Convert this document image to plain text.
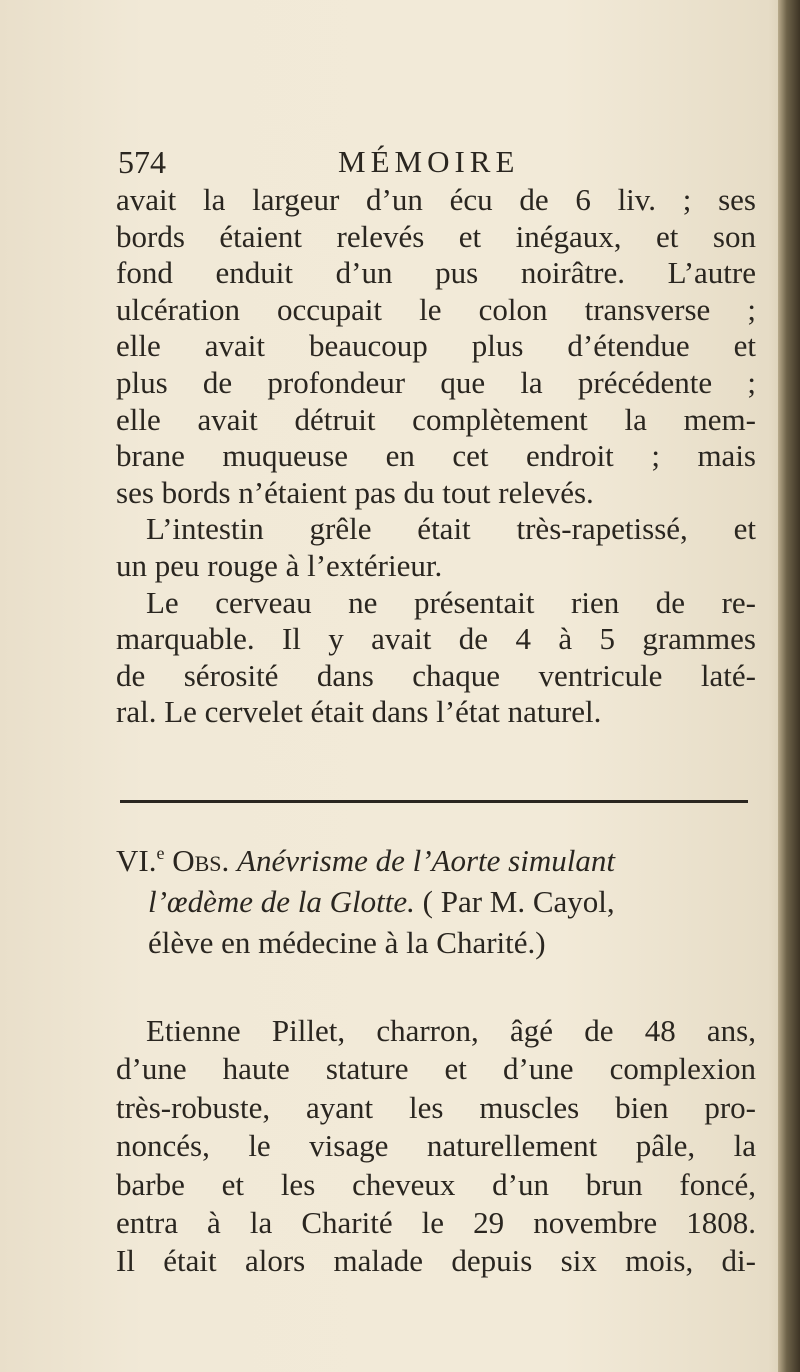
574	MÉMOIRE
avait la largeur d’un écu de 6 liv. ; ses
bords étaient relevés et inégaux, et son
fond enduit d’un pus noirâtre. L’autre
ulcération occupait le colon transverse ;
elle avait beaucoup plus d’étendue et
plus de profondeur que la précédente ;
elle avait détruit complètement la mem-
brane muqueuse en cet endroit ; mais
ses bords n’étaient pas du tout relevés.
L’intestin grêle était très-rapetissé, et
un peu rouge à l’extérieur.
Le cerveau ne présentait rien de re-
marquable. Il y avait de 4 à 5 grammes
de sérosité dans chaque ventricule laté-
ral. Le cervelet était dans l’état naturel.
VI.$^e$ Obs. Anévrisme de l’Aorte simulant
l’œdème de la Glotte. ( Par M. Cayol,
élève en médecine à la Charité.)
Etienne Pillet, charron, âgé de 48 ans,
d’une haute stature et d’une complexion
très-robuste, ayant les muscles bien pro-
noncés, le visage naturellement pâle, la
barbe et les cheveux d’un brun foncé,
entra à la Charité le 29 novembre 1808.
Il était alors malade depuis six mois, di-
